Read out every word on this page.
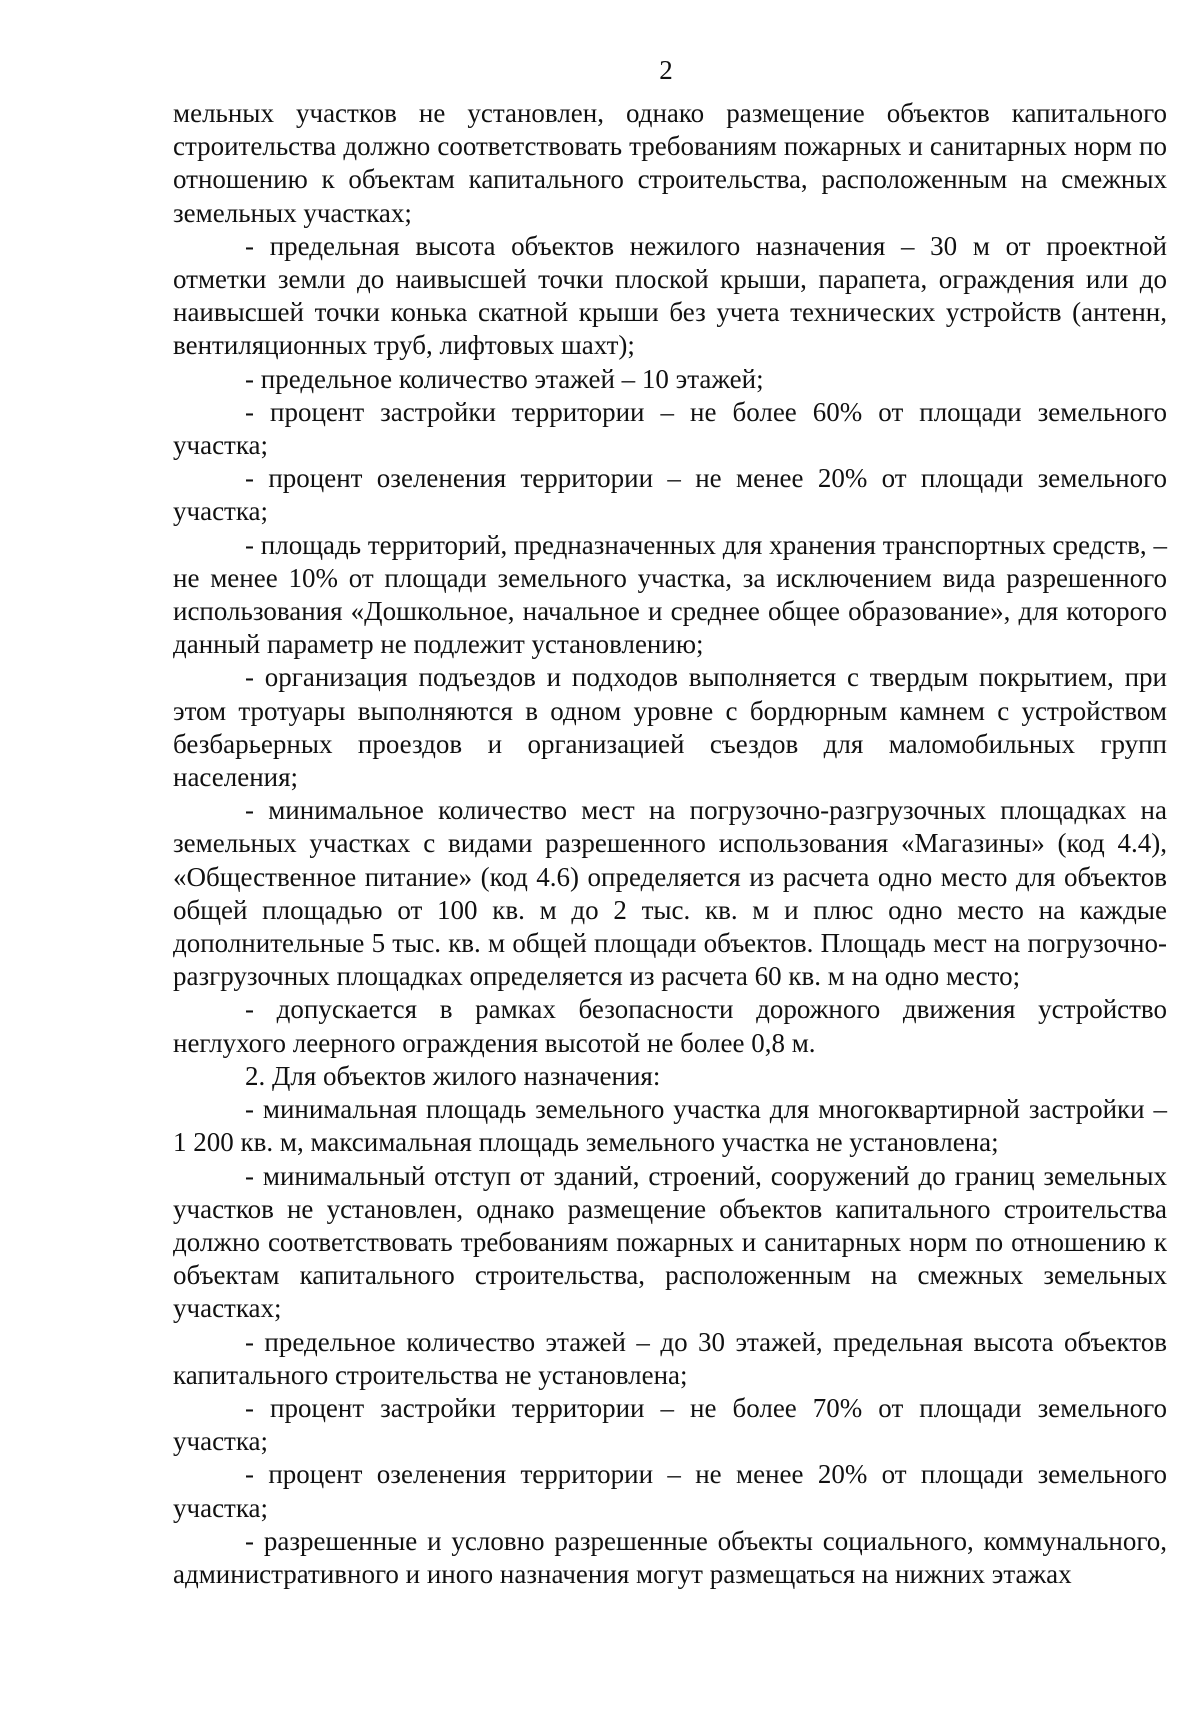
2

мельных участков не установлен, однако размещение объектов капитального строительства должно соответствовать требованиям пожарных и санитарных норм по отношению к объектам капитального строительства, расположенным на смежных земельных участках;

- предельная высота объектов нежилого назначения – 30 м от проектной отметки земли до наивысшей точки плоской крыши, парапета, ограждения или до наивысшей точки конька скатной крыши без учета технических устройств (антенн, вентиляционных труб, лифтовых шахт);

- предельное количество этажей – 10 этажей;

- процент застройки территории – не более 60% от площади земельного участка;

- процент озеленения территории – не менее 20% от площади земельного участка;

- площадь территорий, предназначенных для хранения транспортных средств, – не менее 10% от площади земельного участка, за исключением вида разрешенного использования «Дошкольное, начальное и среднее общее образование», для которого данный параметр не подлежит установлению;

- организация подъездов и подходов выполняется с твердым покрытием, при этом тротуары выполняются в одном уровне с бордюрным камнем с устройством безбарьерных проездов и организацией съездов для маломобильных групп населения;

- минимальное количество мест на погрузочно-разгрузочных площадках на земельных участках с видами разрешенного использования «Магазины» (код 4.4), «Общественное питание» (код 4.6) определяется из расчета одно место для объектов общей площадью от 100 кв. м до 2 тыс. кв. м и плюс одно место на каждые дополнительные 5 тыс. кв. м общей площади объектов. Площадь мест на погрузочно-разгрузочных площадках определяется из расчета 60 кв. м на одно место;

- допускается в рамках безопасности дорожного движения устройство неглухого леерного ограждения высотой не более 0,8 м.

2. Для объектов жилого назначения:

- минимальная площадь земельного участка для многоквартирной застройки – 1 200 кв. м, максимальная площадь земельного участка не установлена;

- минимальный отступ от зданий, строений, сооружений до границ земельных участков не установлен, однако размещение объектов капитального строительства должно соответствовать требованиям пожарных и санитарных норм по отношению к объектам капитального строительства, расположенным на смежных земельных участках;

- предельное количество этажей – до 30 этажей, предельная высота объектов капитального строительства не установлена;

- процент застройки территории – не более 70% от площади земельного участка;

- процент озеленения территории – не менее 20% от площади земельного участка;

- разрешенные и условно разрешенные объекты социального, коммунального, административного и иного назначения могут размещаться на нижних этажах
